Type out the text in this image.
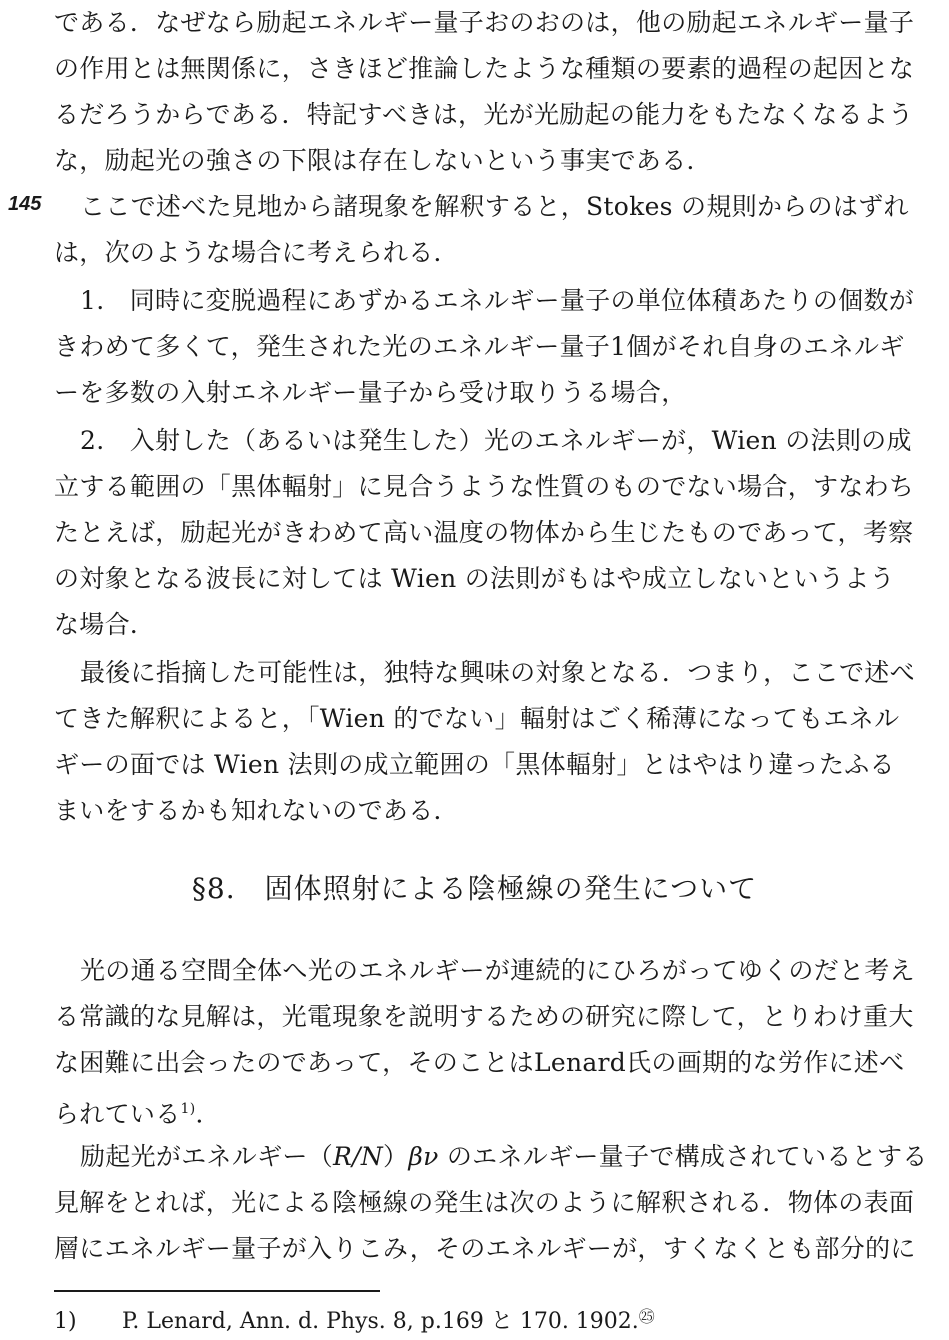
145
である．なぜなら励起エネルギー量子おのおのは，他の励起エネルギー量子
の作用とは無関係に，さきほど推論したような種類の要素的過程の起因とな
るだろうからである．特記すべきは，光が光励起の能力をもたなくなるよう
な，励起光の強さの下限は存在しないという事実である．
ここで述べた見地から諸現象を解釈すると，Stokes の規則からのはずれ
は，次のような場合に考えられる．
1.　同時に変脱過程にあずかるエネルギー量子の単位体積あたりの個数が
きわめて多くて，発生された光のエネルギー量子1個がそれ自身のエネルギ
ーを多数の入射エネルギー量子から受け取りうる場合，
2.　入射した（あるいは発生した）光のエネルギーが，Wien の法則の成
立する範囲の「黒体輻射」に見合うような性質のものでない場合，すなわち
たとえば，励起光がきわめて高い温度の物体から生じたものであって，考察
の対象となる波長に対しては Wien の法則がもはや成立しないというよう
な場合．
最後に指摘した可能性は，独特な興味の対象となる．つまり，ここで述べ
てきた解釈によると，「Wien 的でない」輻射はごく稀薄になってもエネル
ギーの面では Wien 法則の成立範囲の「黒体輻射」とはやはり違ったふる
まいをするかも知れないのである．
§8.　固体照射による陰極線の発生について
光の通る空間全体へ光のエネルギーが連続的にひろがってゆくのだと考え
る常識的な見解は，光電現象を説明するための研究に際して，とりわけ重大
な困難に出会ったのであって，そのことはLenard氏の画期的な労作に述べ
られている$^{1)}$．
励起光がエネルギー（R/N）βν のエネルギー量子で構成されているとする
見解をとれば，光による陰極線の発生は次のように解釈される．物体の表面
層にエネルギー量子が入りこみ，そのエネルギーが，すくなくとも部分的に
1) P. Lenard, Ann. d. Phys. 8, p.169 と 170. 1902.$^㉕$
